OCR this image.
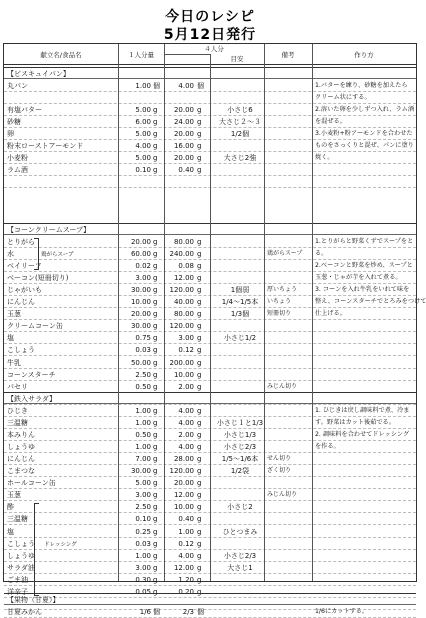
今日のレシピ
5月12日発行
献立名/食品名	１人分量
４人分
目安	備考	作り方
【ビスキュイパン】
丸パン	1.00 個	4.00 個	1.バターを練り、砂糖を加えたら
クリーム状にする。
有塩バター	5.00 g	20.00 g	小さじ6	2.溶いた卵を少しずつ入れ、ラム酒
砂糖	6.00 g	24.00 g	大さじ２～３	を混ぜる。
卵	5.00 g	20.00 g	1/2個	3.小麦粉+粉アーモンドを合わせた
粉末ローストアーモンド	4.00 g	16.00 g	ものをさっくりと混ぜ、パンに塗り
小麦粉	5.00 g	20.00 g	大さじ2強	焼く。
ラム酒	0.10 g	0.40 g
【コーンクリームスープ】
とりがら	20.00 g	80.00 g	1.とりがらと野菜くずでスープをと
水	60.00 g	240.00 g	鶏がらスープ	る。
ベイリーフ	0.02 g	0.08 g	2.ベーコンと野菜を炒め、スープと
ベーコン(短冊切り)	3.00 g	12.00 g	玉葱・じゃが芋を入れて煮る。
じゃがいも	30.00 g	120.00 g	1個弱	厚いちょう	3. コーンを入れ牛乳をいれて味を
にんじん	10.00 g	40.00 g	1/4～1/5本	いちょう	整え、コーンスターチでとろみをつけて
玉葱	20.00 g	80.00 g	1/3個	短冊切り	仕上げる。
クリームコーン缶	30.00 g	120.00 g
塩	0.75 g	3.00 g	小さじ1/2
こしょう	0.03 g	0.12 g
牛乳	50.00 g	200.00 g
コーンスターチ	2.50 g	10.00 g
パセリ	0.50 g	2.00 g	みじん切り
鶏がらスープ
【鉄入サラダ】
ひじき	1.00 g	4.00 g	1. ひじきは戻し調味料で煮、冷ま
三温糖	1.00 g	4.00 g	小さじ１と1/3	す。野菜はカット後茹でる。
本みりん	0.50 g	2.00 g	小さじ1/3	2. 調味料を合わせてドレッシング
しょうゆ	1.00 g	4.00 g	小さじ2/3	を作る。
にんじん	7.00 g	28.00 g	1/5～1/6本	せん切り
こまつな	30.00 g	120.00 g	1/2袋	ざく切り
ホールコーン缶	5.00 g	20.00 g
玉葱	3.00 g	12.00 g	みじん切り
酢	2.50 g	10.00 g	小さじ2
三温糖	0.10 g	0.40 g
塩	0.25 g	1.00 g	ひとつまみ
こしょう	0.03 g	0.12 g
しょうゆ	1.00 g	4.00 g	小さじ2/3
サラダ油	3.00 g	12.00 g	大さじ1
ごま油	0.30 g	1.20 g
洋辛子	0.05 g	0.20 g
ドレッシング
【果物（甘夏）】
甘夏みかん	1/6 個	2/3 個	1/6にカットする。
